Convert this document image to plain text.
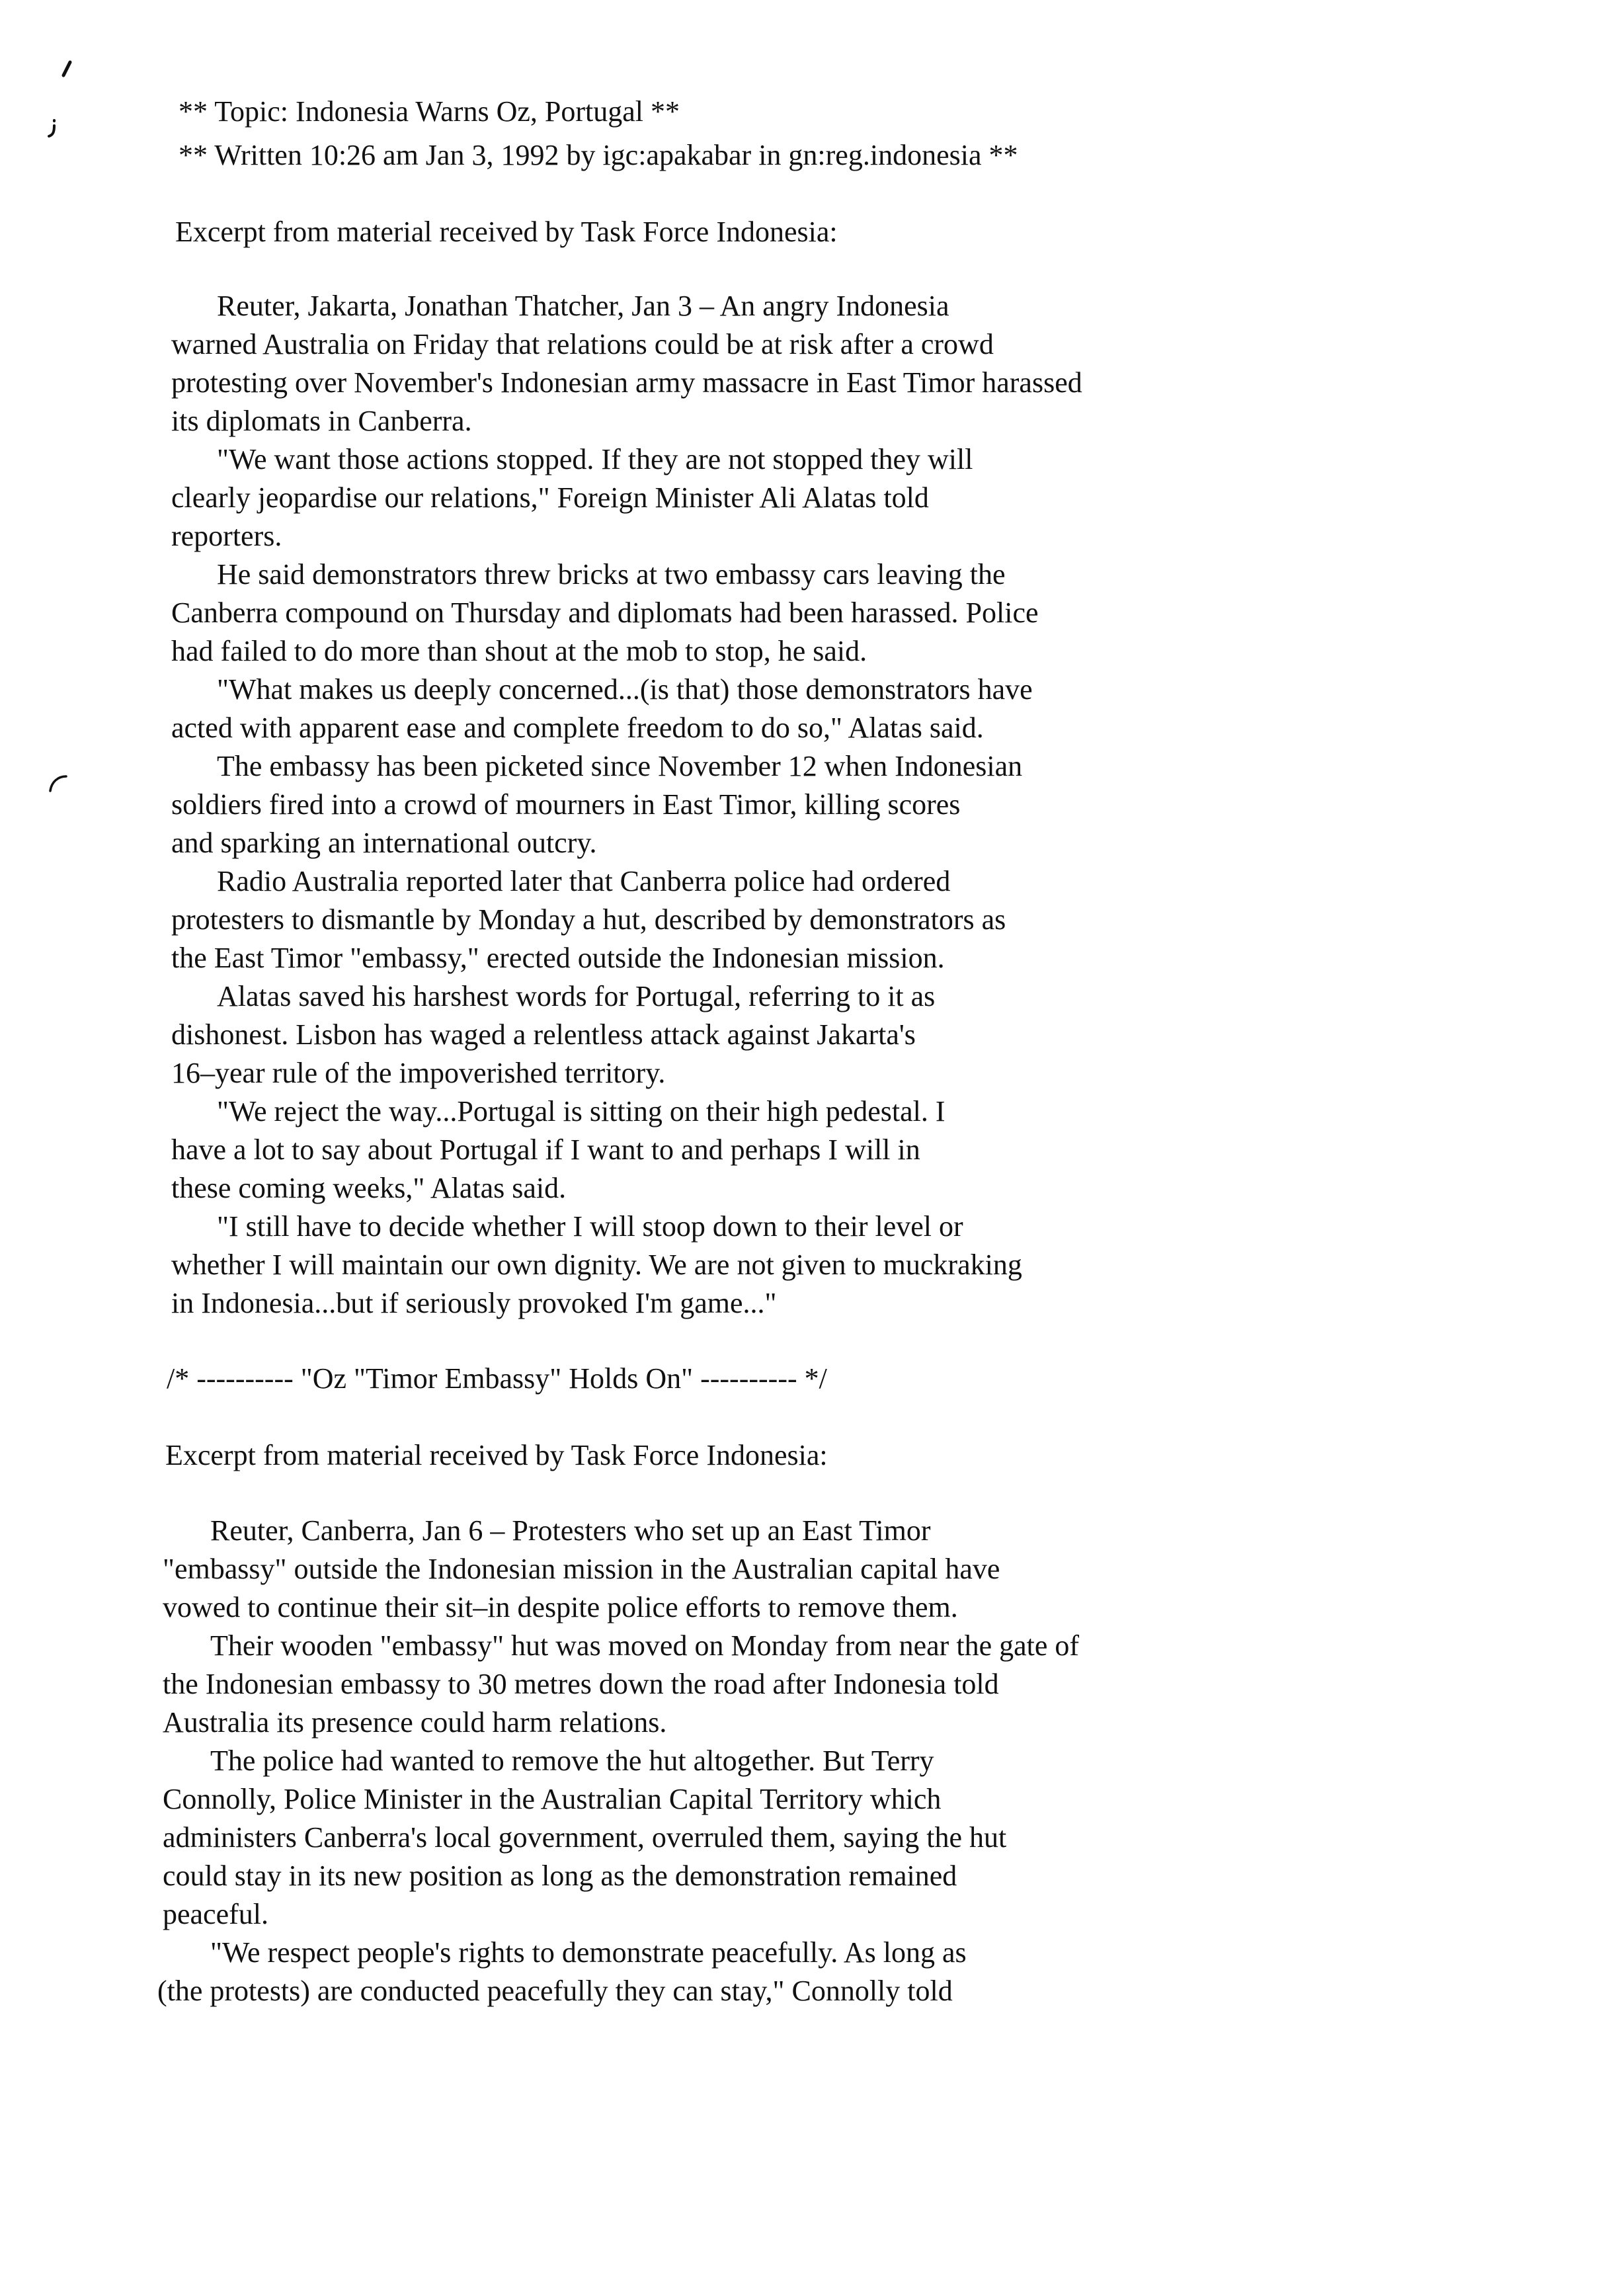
** Topic: Indonesia Warns Oz, Portugal **
** Written 10:26 am Jan 3, 1992 by igc:apakabar in gn:reg.indonesia **
Excerpt from material received by Task Force Indonesia:
Reuter, Jakarta, Jonathan Thatcher, Jan 3 – An angry Indonesia
warned Australia on Friday that relations could be at risk after a crowd
protesting over November's Indonesian army massacre in East Timor harassed
its diplomats in Canberra.
"We want those actions stopped. If they are not stopped they will
clearly jeopardise our relations," Foreign Minister Ali Alatas told
reporters.
He said demonstrators threw bricks at two embassy cars leaving the
Canberra compound on Thursday and diplomats had been harassed. Police
had failed to do more than shout at the mob to stop, he said.
"What makes us deeply concerned...(is that) those demonstrators have
acted with apparent ease and complete freedom to do so," Alatas said.
The embassy has been picketed since November 12 when Indonesian
soldiers fired into a crowd of mourners in East Timor, killing scores
and sparking an international outcry.
Radio Australia reported later that Canberra police had ordered
protesters to dismantle by Monday a hut, described by demonstrators as
the East Timor "embassy," erected outside the Indonesian mission.
Alatas saved his harshest words for Portugal, referring to it as
dishonest. Lisbon has waged a relentless attack against Jakarta's
16–year rule of the impoverished territory.
"We reject the way...Portugal is sitting on their high pedestal. I
have a lot to say about Portugal if I want to and perhaps I will in
these coming weeks," Alatas said.
"I still have to decide whether I will stoop down to their level or
whether I will maintain our own dignity. We are not given to muckraking
in Indonesia...but if seriously provoked I'm game..."
/* ---------- "Oz "Timor Embassy" Holds On" ---------- */
Excerpt from material received by Task Force Indonesia:
Reuter, Canberra, Jan 6 – Protesters who set up an East Timor
"embassy" outside the Indonesian mission in the Australian capital have
vowed to continue their sit–in despite police efforts to remove them.
Their wooden "embassy" hut was moved on Monday from near the gate of
the Indonesian embassy to 30 metres down the road after Indonesia told
Australia its presence could harm relations.
The police had wanted to remove the hut altogether. But Terry
Connolly, Police Minister in the Australian Capital Territory which
administers Canberra's local government, overruled them, saying the hut
could stay in its new position as long as the demonstration remained
peaceful.
"We respect people's rights to demonstrate peacefully. As long as
(the protests) are conducted peacefully they can stay," Connolly told
